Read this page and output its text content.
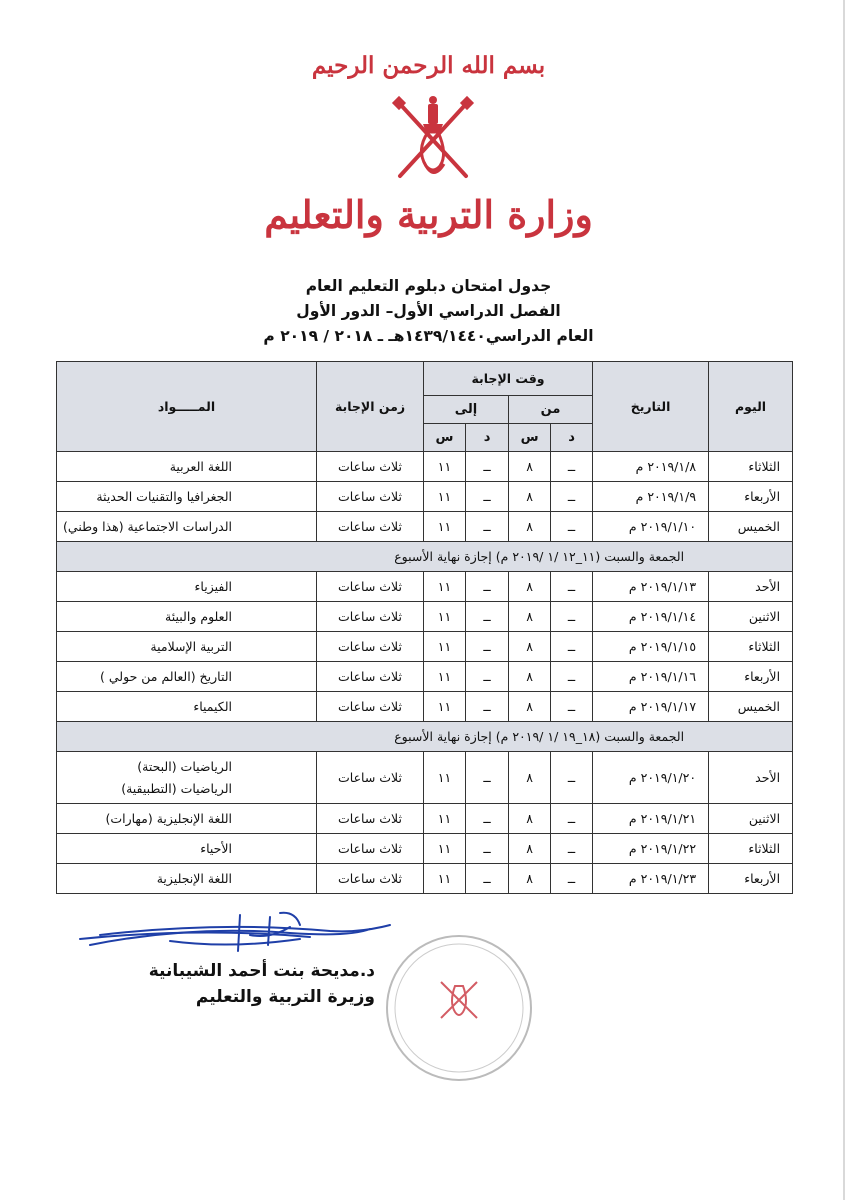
بسم الله الرحمن الرحيم
وزارة التربية والتعليم
جدول امتحان دبلوم التعليم العام
الفصل الدراسي الأول– الدور الأول
العام الدراسي١٤٣٩/١٤٤٠هـ ـ ٢٠١٨ / ٢٠١٩ م
اليوم	التاريخ	وقت الإجابة				زمن الإجابة	المـــــواد
		من		إلى			
		د	س	د	س		
الثلاثاء	٢٠١٩/١/٨ م	ــ	٨	ــ	١١	ثلاث ساعات	اللغة العربية
الأربعاء	٢٠١٩/١/٩ م	ــ	٨	ــ	١١	ثلاث ساعات	الجغرافيا والتقنيات الحديثة
الخميس	٢٠١٩/١/١٠ م	ــ	٨	ــ	١١	ثلاث ساعات	الدراسات الاجتماعية (هذا وطني)
الجمعة والسبت (١١_١٢ /١ /٢٠١٩ م) إجازة نهاية الأسبوع							
الأحد	٢٠١٩/١/١٣ م	ــ	٨	ــ	١١	ثلاث ساعات	الفيزياء
الاثنين	٢٠١٩/١/١٤ م	ــ	٨	ــ	١١	ثلاث ساعات	العلوم والبيئة
الثلاثاء	٢٠١٩/١/١٥ م	ــ	٨	ــ	١١	ثلاث ساعات	التربية الإسلامية
الأربعاء	٢٠١٩/١/١٦ م	ــ	٨	ــ	١١	ثلاث ساعات	التاريخ (العالم من حولي )
الخميس	٢٠١٩/١/١٧ م	ــ	٨	ــ	١١	ثلاث ساعات	الكيمياء
الجمعة والسبت (١٨_١٩ /١ /٢٠١٩ م) إجازة نهاية الأسبوع							
الأحد	٢٠١٩/١/٢٠ م	ــ	٨	ــ	١١	ثلاث ساعات	الرياضيات (البحتة)
الرياضيات (التطبيقية)

الاثنين	٢٠١٩/١/٢١ م	ــ	٨	ــ	١١	ثلاث ساعات	اللغة الإنجليزية (مهارات)
الثلاثاء	٢٠١٩/١/٢٢ م	ــ	٨	ــ	١١	ثلاث ساعات	الأحياء
الأربعاء	٢٠١٩/١/٢٣ م	ــ	٨	ــ	١١	ثلاث ساعات	اللغة الإنجليزية
د.مديحة بنت أحمد الشيبانية
وزيرة التربية والتعليم
